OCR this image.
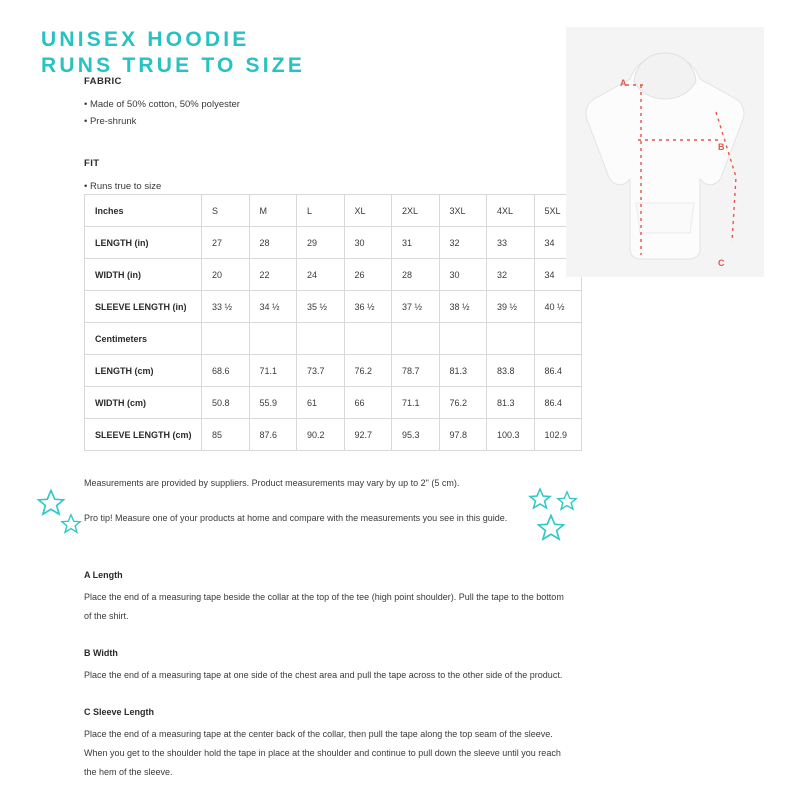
UNISEX HOODIE
RUNS TRUE TO SIZE
FABRIC
• Made of 50% cotton, 50% polyester
• Pre-shrunk
FIT
• Runs true to size
Inches	S	M	L	XL	2XL	3XL	4XL	5XL
LENGTH (in)	27	28	29	30	31	32	33	34
WIDTH (in)	20	22	24	26	28	30	32	34
SLEEVE LENGTH (in)	33 ½	34 ½	35 ½	36 ½	37 ½	38 ½	39 ½	40 ½
Centimeters								
LENGTH (cm)	68.6	71.1	73.7	76.2	78.7	81.3	83.8	86.4
WIDTH (cm)	50.8	55.9	61	66	71.1	76.2	81.3	86.4
SLEEVE LENGTH (cm)	85	87.6	90.2	92.7	95.3	97.8	100.3	102.9

Measurements are provided by suppliers. Product measurements may vary by up to 2" (5 cm).

Pro tip! Measure one of your products at home and compare with the measurements you see in this guide.

A Length
Place the end of a measuring tape beside the collar at the top of the tee (high point shoulder). Pull the tape to the bottom of the shirt.
B Width
Place the end of a measuring tape at one side of the chest area and pull the tape across to the other side of the product.
C Sleeve Length
Place the end of a measuring tape at the center back of the collar, then pull the tape along the top seam of the sleeve. When you get to the shoulder hold the tape in place at the shoulder and continue to pull down the sleeve until you reach the hem of the sleeve.
A
B
C
